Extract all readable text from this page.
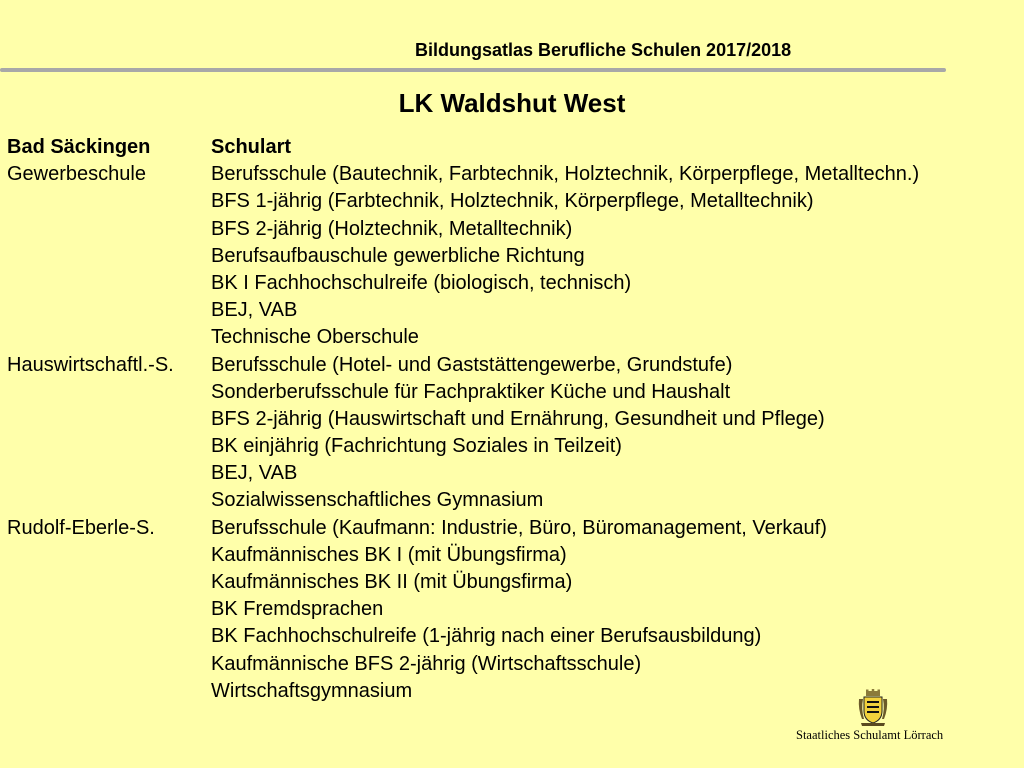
Bildungsatlas Berufliche Schulen 2017/2018
LK Waldshut West
Bad Säckingen	Schulart
Gewerbeschule	Berufsschule (Bautechnik, Farbtechnik, Holztechnik, Körperpflege, Metalltechn.)
BFS 1-jährig (Farbtechnik, Holztechnik, Körperpflege, Metalltechnik)
BFS 2-jährig (Holztechnik, Metalltechnik)
Berufsaufbauschule gewerbliche Richtung
BK I Fachhochschulreife (biologisch, technisch)
BEJ, VAB
Technische Oberschule
Hauswirtschaftl.-S. Berufsschule (Hotel- und Gaststättengewerbe, Grundstufe)
Sonderberufsschule für Fachpraktiker Küche und Haushalt
BFS 2-jährig (Hauswirtschaft und Ernährung, Gesundheit und Pflege)
BK einjährig (Fachrichtung Soziales in Teilzeit)
BEJ, VAB
Sozialwissenschaftliches Gymnasium
Rudolf-Eberle-S.	Berufsschule (Kaufmann: Industrie, Büro, Büromanagement, Verkauf)
Kaufmännisches BK I (mit Übungsfirma)
Kaufmännisches BK II (mit Übungsfirma)
BK Fremdsprachen
BK Fachhochschulreife (1-jährig nach einer Berufsausbildung)
Kaufmännische BFS 2-jährig (Wirtschaftsschule)
Wirtschaftsgymnasium
Staatliches Schulamt Lörrach
